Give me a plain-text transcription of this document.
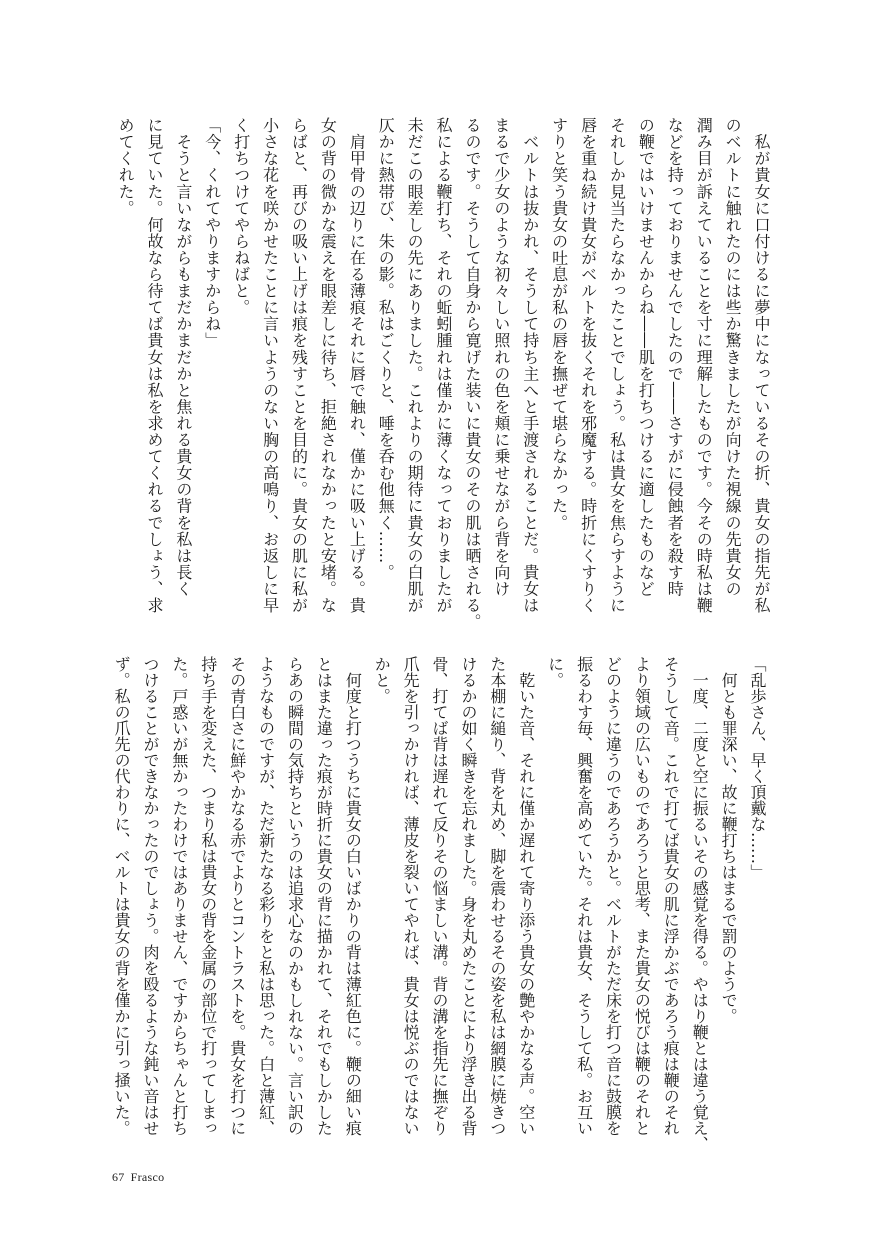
　私が貴女に口付けるに夢中になっているその折、貴女の指先が私
のベルトに触れたのには些か驚きましたが向けた視線の先貴女の
潤み目が訴えていることを寸に理解したものです。今その時私は鞭
などを持っておりませんでしたので――さすがに侵蝕者を殺す時
の鞭ではいけませんからね――肌を打ちつけるに適したものなど
それしか見当たらなかったことでしょう。私は貴女を焦らすように
唇を重ね続け貴女がベルトを抜くそれを邪魔する。時折にくすりく
すりと笑う貴女の吐息が私の唇を撫ぜて堪らなかった。
　ベルトは抜かれ、そうして持ち主へと手渡されることだ。貴女は
まるで少女のような初々しい照れの色を頬に乗せながら背を向け
るのです。そうして自身から寛げた装いに貴女のその肌は晒される。
私による鞭打ち、それの蚯蚓腫れは僅かに薄くなっておりましたが
未だこの眼差しの先にありました。これよりの期待に貴女の白肌が
仄かに熱帯び、朱の影。私はごくりと、唾を呑む他無く……。
　肩甲骨の辺りに在る薄痕それに唇で触れ、僅かに吸い上げる。貴
女の背の微かな震えを眼差しに待ち、拒絶されなかったと安堵。な
らばと、再びの吸い上げは痕を残すことを目的に。貴女の肌に私が
小さな花を咲かせたことに言いようのない胸の高鳴り、お返しに早
く打ちつけてやらねばと。
「今、くれてやりますからね」
　そうと言いながらもまだかまだかと焦れる貴女の背を私は長く
に見ていた。何故なら待てば貴女は私を求めてくれるでしょう、求
めてくれた。
「乱歩さん、早く頂戴な……」
　何とも罪深い、故に鞭打ちはまるで罰のようで。
　一度、二度と空に振るいその感覚を得る。やはり鞭とは違う覚え、
そうして音。これで打てば貴女の肌に浮かぶであろう痕は鞭のそれ
より領域の広いものであろうと思考、また貴女の悦びは鞭のそれと
どのように違うのであろうかと。ベルトがただ床を打つ音に鼓膜を
振るわす毎、興奮を高めていた。それは貴女、そうして私。お互い
に。
　乾いた音、それに僅か遅れて寄り添う貴女の艶やかなる声。空い
た本棚に縋り、背を丸め、脚を震わせるその姿を私は網膜に焼きつ
けるかの如く瞬きを忘れました。身を丸めたことにより浮き出る背
骨、打てば背は遅れて反りその悩ましい溝。背の溝を指先に撫ぞり
爪先を引っかければ、薄皮を裂いてやれば、貴女は悦ぶのではない
かと。
　何度と打つうちに貴女の白いばかりの背は薄紅色に。鞭の細い痕
とはまた違った痕が時折に貴女の背に描かれて、それでもしかした
らあの瞬間の気持ちというのは追求心なのかもしれない。言い訳の
ようなものですが、ただ新たなる彩りをと私は思った。白と薄紅、
その青白さに鮮やかなる赤でよりとコントラストを。貴女を打つに
持ち手を変えた、つまり私は貴女の背を金属の部位で打ってしまっ
た。戸惑いが無かったわけではありません、ですからちゃんと打ち
つけることができなかったのでしょう。肉を殴るような鈍い音はせ
ず。私の爪先の代わりに、ベルトは貴女の背を僅かに引っ掻いた。
67 Frasco
